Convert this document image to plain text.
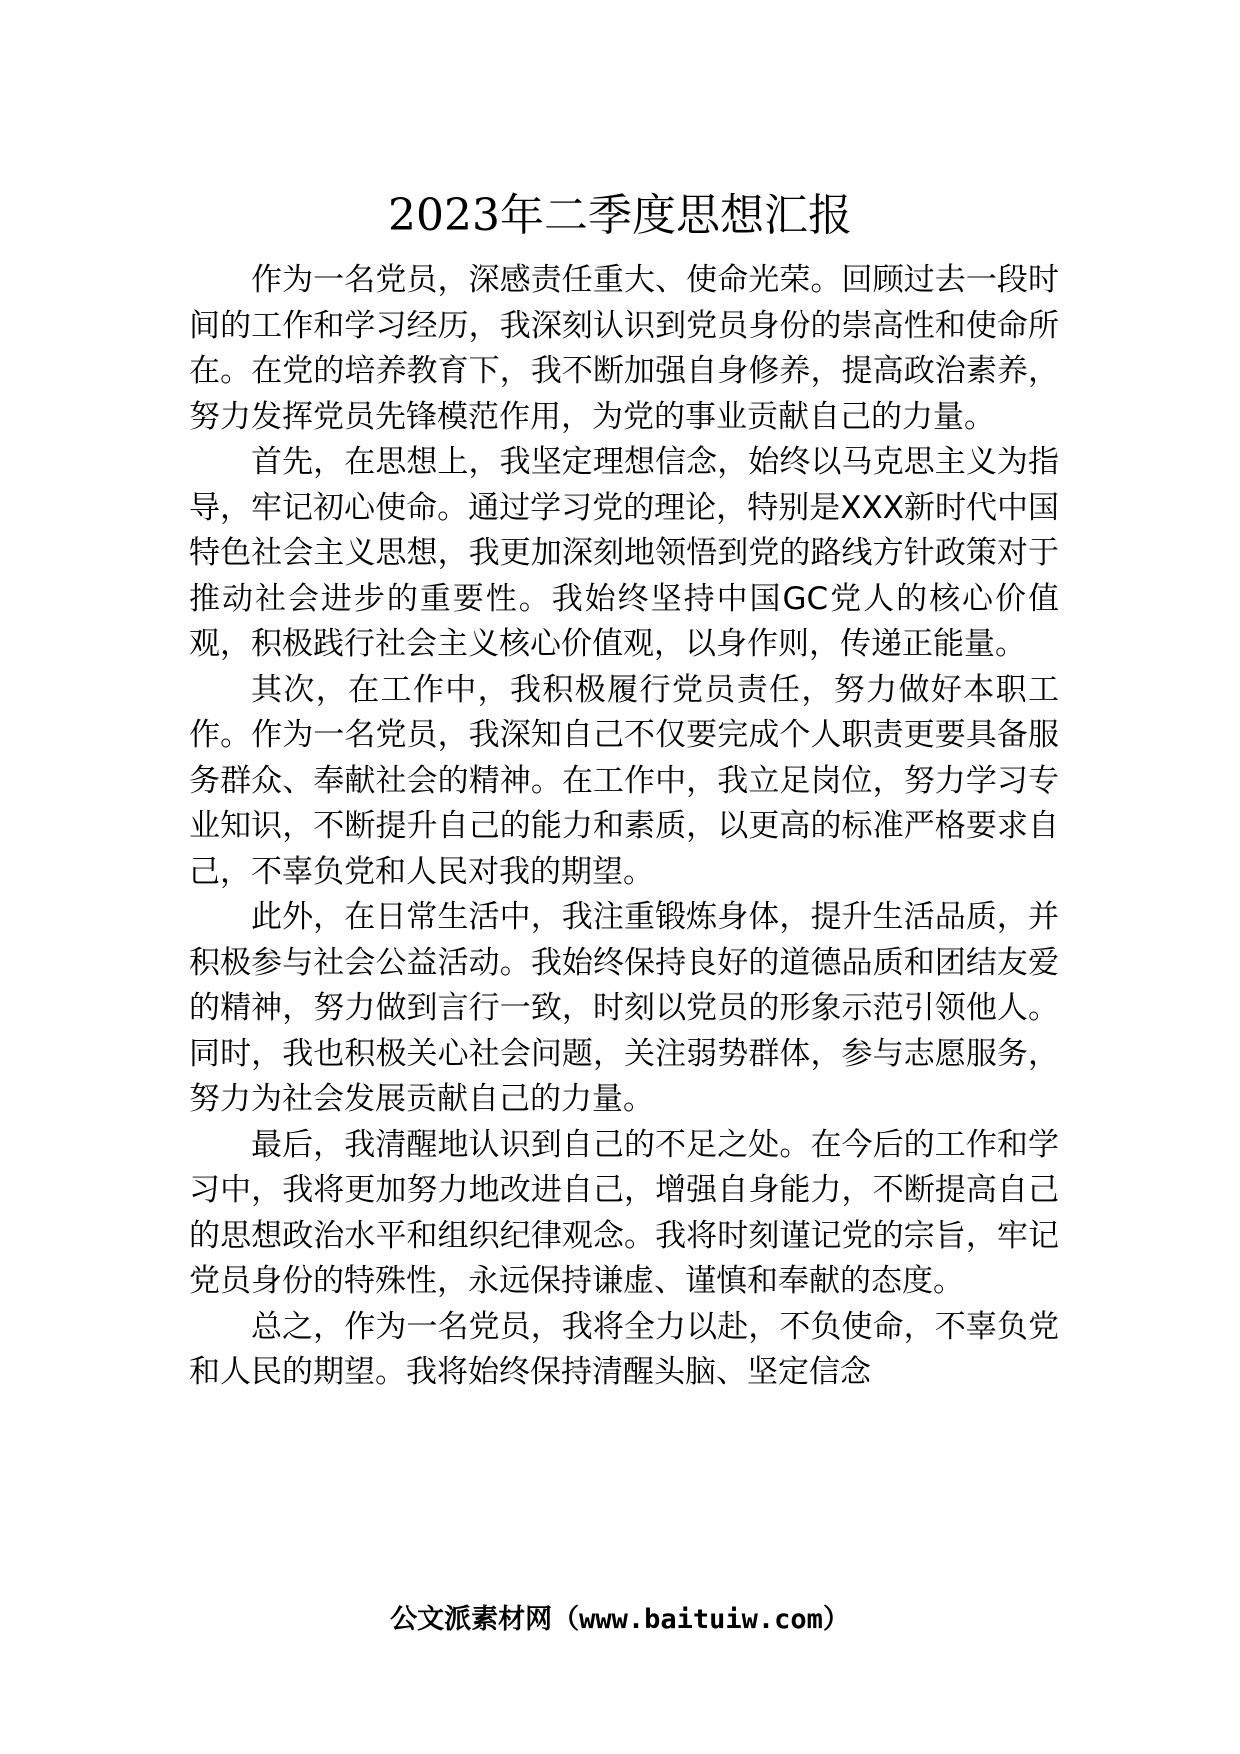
2023年二季度思想汇报

作为一名党员，深感责任重大、使命光荣。回顾过去一段时间的工作和学习经历，我深刻认识到党员身份的崇高性和使命所在。在党的培养教育下，我不断加强自身修养，提高政治素养，努力发挥党员先锋模范作用，为党的事业贡献自己的力量。

首先，在思想上，我坚定理想信念，始终以马克思主义为指导，牢记初心使命。通过学习党的理论，特别是XXX新时代中国特色社会主义思想，我更加深刻地领悟到党的路线方针政策对于推动社会进步的重要性。我始终坚持中国GC党人的核心价值观，积极践行社会主义核心价值观，以身作则，传递正能量。

其次，在工作中，我积极履行党员责任，努力做好本职工作。作为一名党员，我深知自己不仅要完成个人职责更要具备服务群众、奉献社会的精神。在工作中，我立足岗位，努力学习专业知识，不断提升自己的能力和素质，以更高的标准严格要求自己，不辜负党和人民对我的期望。

此外，在日常生活中，我注重锻炼身体，提升生活品质，并积极参与社会公益活动。我始终保持良好的道德品质和团结友爱的精神，努力做到言行一致，时刻以党员的形象示范引领他人。同时，我也积极关心社会问题，关注弱势群体，参与志愿服务，努力为社会发展贡献自己的力量。

最后，我清醒地认识到自己的不足之处。在今后的工作和学习中，我将更加努力地改进自己，增强自身能力，不断提高自己的思想政治水平和组织纪律观念。我将时刻谨记党的宗旨，牢记党员身份的特殊性，永远保持谦虚、谨慎和奉献的态度。

总之，作为一名党员，我将全力以赴，不负使命，不辜负党和人民的期望。我将始终保持清醒头脑、坚定信念

公文派素材网（www.baituiw.com）
